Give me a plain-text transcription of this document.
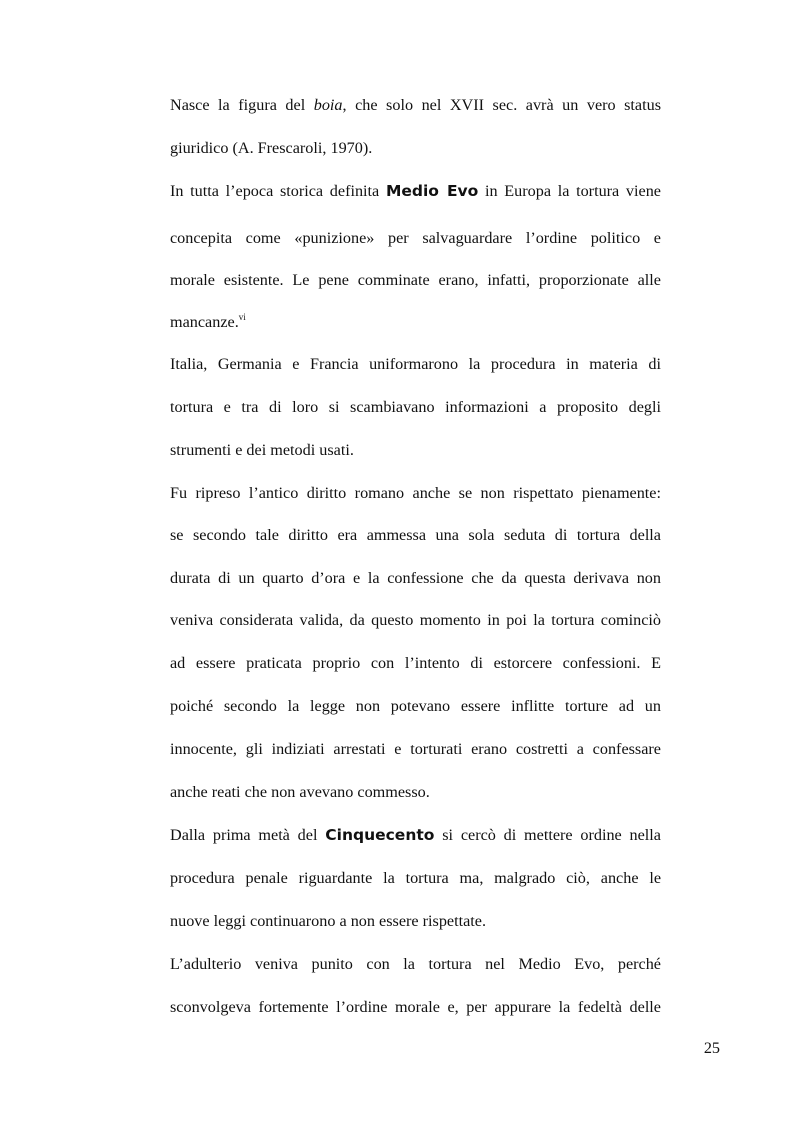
Nasce la figura del boia, che solo nel XVII sec. avrà un vero status
giuridico (A. Frescaroli, 1970).
In tutta l’epoca storica definita Medio Evo in Europa la tortura viene
concepita come «punizione» per salvaguardare l’ordine politico e
morale esistente. Le pene comminate erano, infatti, proporzionate alle
mancanze.$^{vi}$
Italia, Germania e Francia uniformarono la procedura in materia di
tortura e tra di loro si scambiavano informazioni a proposito degli
strumenti e dei metodi usati.
Fu ripreso l’antico diritto romano anche se non rispettato pienamente:
se secondo tale diritto era ammessa una sola seduta di tortura della
durata di un quarto d’ora e la confessione che da questa derivava non
veniva considerata valida, da questo momento in poi la tortura cominciò
ad essere praticata proprio con l’intento di estorcere confessioni. E
poiché secondo la legge non potevano essere inflitte torture ad un
innocente, gli indiziati arrestati e torturati erano costretti a confessare
anche reati che non avevano commesso.
Dalla prima metà del Cinquecento si cercò di mettere ordine nella
procedura penale riguardante la tortura ma, malgrado ciò, anche le
nuove leggi continuarono a non essere rispettate.
L’adulterio veniva punito con la tortura nel Medio Evo, perché
sconvolgeva fortemente l’ordine morale e, per appurare la fedeltà delle
25
